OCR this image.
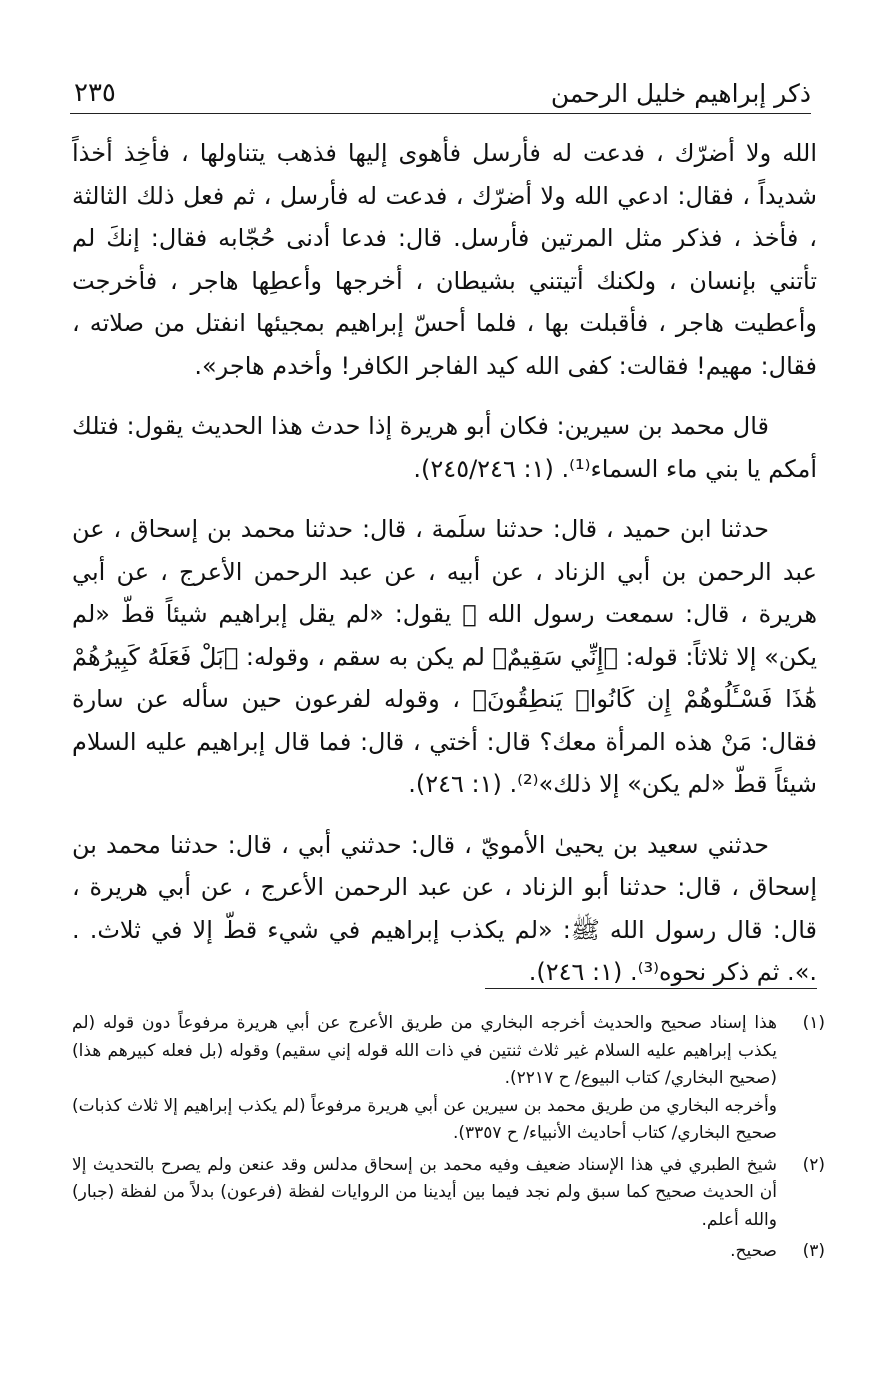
ذكر إبراهيم خليل الرحمن
٢٣٥

الله ولا أضرّك ، فدعت له فأرسل فأهوى إليها فذهب يتناولها ، فأخِذ أخذاً شديداً ، فقال: ادعي الله ولا أضرّك ، فدعت له فأرسل ، ثم فعل ذلك الثالثة ، فأخذ ، فذكر مثل المرتين فأرسل. قال: فدعا أدنى حُجّابه فقال: إنكَ لم تأتني بإنسان ، ولكنك أتيتني بشيطان ، أخرجها وأعطِها هاجر ، فأخرجت وأعطيت هاجر ، فأقبلت بها ، فلما أحسّ إبراهيم بمجيئها انفتل من صلاته ، فقال: مهيم! فقالت: كفى الله كيد الفاجر الكافر! وأخدم هاجر».

قال محمد بن سيرين: فكان أبو هريرة إذا حدث هذا الحديث يقول: فتلك أمكم يا بني ماء السماء⁽¹⁾. (١: ٢٤٥/٢٤٦).

حدثنا ابن حميد ، قال: حدثنا سلَمة ، قال: حدثنا محمد بن إسحاق ، عن عبد الرحمن بن أبي الزناد ، عن أبيه ، عن عبد الرحمن الأعرج ، عن أبي هريرة ، قال: سمعت رسول الله ﷺ يقول: «لم يقل إبراهيم شيئاً قطّ «لم يكن» إلا ثلاثاً: قوله: ﴿إِنِّي سَقِيمٌ﴾ لم يكن به سقم ، وقوله: ﴿بَلْ فَعَلَهُ كَبِيرُهُمْ هَٰذَا فَسْـَٔلُوهُمْ إِن كَانُوا۟ يَنطِقُونَ﴾ ، وقوله لفرعون حين سأله عن سارة فقال: مَنْ هذه المرأة معك؟ قال: أختي ، قال: فما قال إبراهيم عليه السلام شيئاً قطّ «لم يكن» إلا ذلك»⁽²⁾. (١: ٢٤٦).

حدثني سعيد بن يحيىٰ الأمويّ ، قال: حدثني أبي ، قال: حدثنا محمد بن إسحاق ، قال: حدثنا أبو الزناد ، عن عبد الرحمن الأعرج ، عن أبي هريرة ، قال: قال رسول الله ﷺ: «لم يكذب إبراهيم في شيء قطّ إلا في ثلاث. . .». ثم ذكر نحوه⁽³⁾. (١: ٢٤٦).

(١)
هذا إسناد صحيح والحديث أخرجه البخاري من طريق الأعرج عن أبي هريرة مرفوعاً دون قوله (لم يكذب إبراهيم عليه السلام غير ثلاث ثنتين في ذات الله قوله إني سقيم) وقوله (بل فعله كبيرهم هذا) (صحيح البخاري/ كتاب البيوع/ ح ٢٢١٧).
وأخرجه البخاري من طريق محمد بن سيرين عن أبي هريرة مرفوعاً (لم يكذب إبراهيم إلا ثلاث كذبات) صحيح البخاري/ كتاب أحاديث الأنبياء/ ح ٣٣٥٧).
(٢)
شيخ الطبري في هذا الإسناد ضعيف وفيه محمد بن إسحاق مدلس وقد عنعن ولم يصرح بالتحديث إلا أن الحديث صحيح كما سبق ولم نجد فيما بين أيدينا من الروايات لفظة (فرعون) بدلاً من لفظة (جبار) والله أعلم.
(٣)
صحيح.
